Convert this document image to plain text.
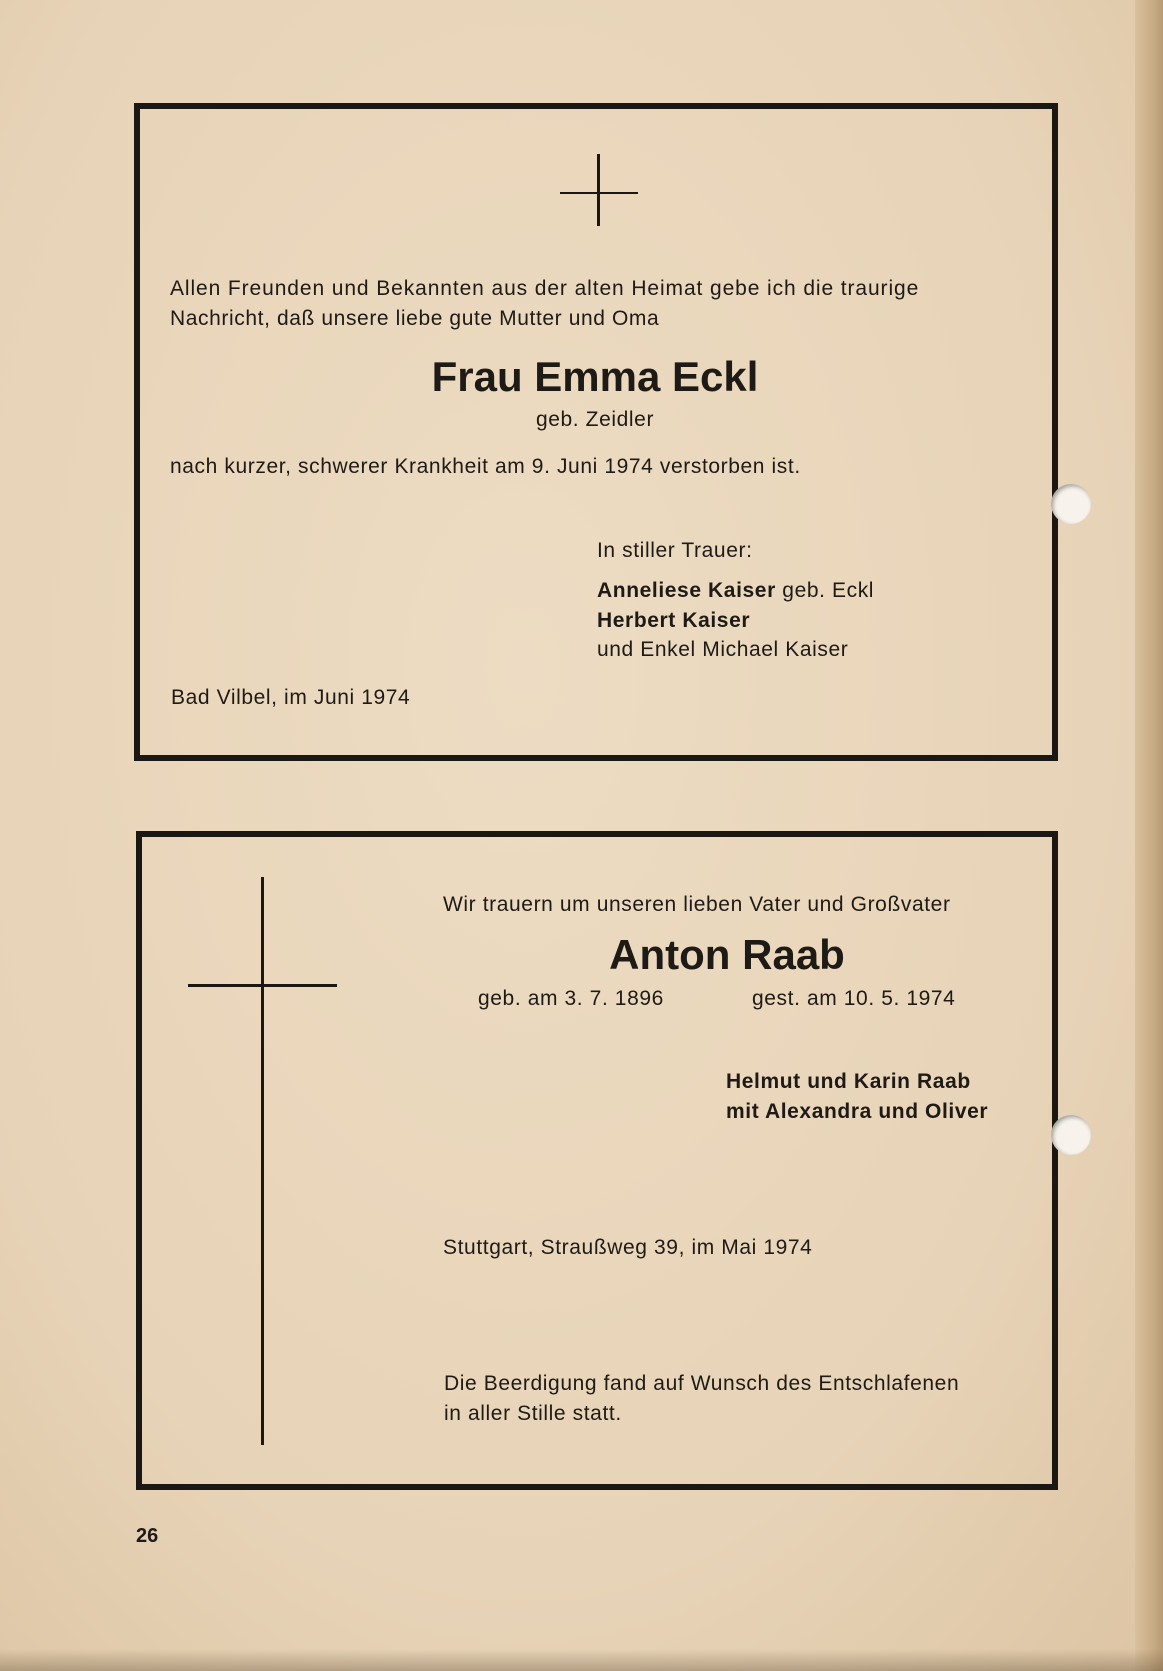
Allen Freunden und Bekannten aus der alten Heimat gebe ich die traurige
Nachricht, daß unsere liebe gute Mutter und Oma
Frau Emma Eckl
geb. Zeidler
nach kurzer, schwerer Krankheit am 9. Juni 1974 verstorben ist.
In stiller Trauer:
Anneliese Kaiser geb. Eckl
Herbert Kaiser
und Enkel Michael Kaiser
Bad Vilbel, im Juni 1974
Wir trauern um unseren lieben Vater und Großvater
Anton Raab
geb. am 3. 7. 1896	gest. am 10. 5. 1974
Helmut und Karin Raab
mit Alexandra und Oliver
Stuttgart, Straußweg 39, im Mai 1974
Die Beerdigung fand auf Wunsch des Entschlafenen
in aller Stille statt.
26
